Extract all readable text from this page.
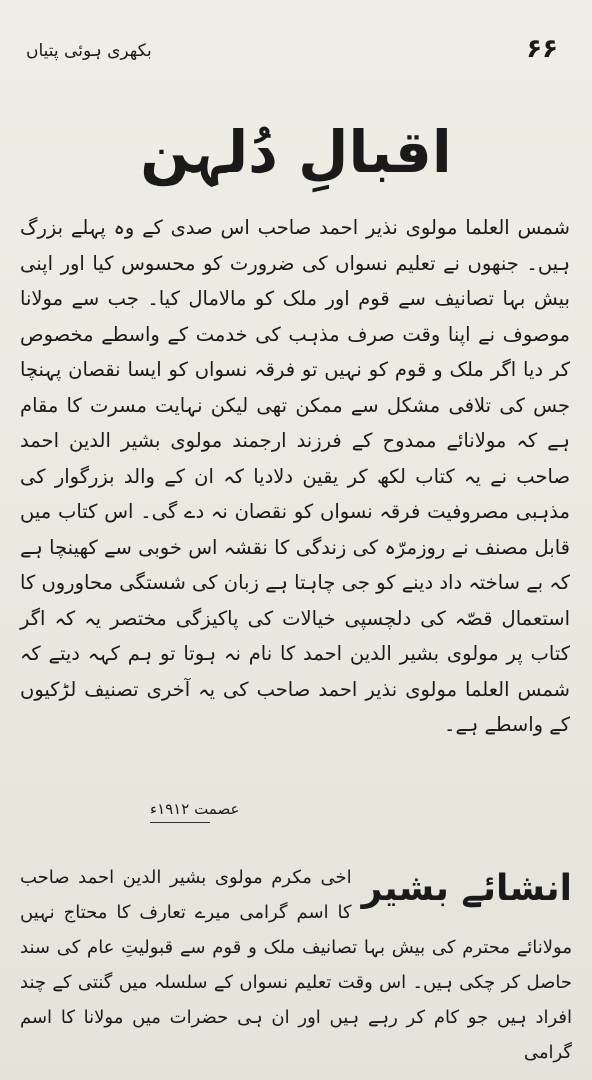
بکھری ہوئی پتیاں	۶۶
اقبالِ دُلہن

شمس العلما مولوی نذیر احمد صاحب اس صدی کے وہ پہلے بزرگ ہیں۔ جنھوں نے تعلیم نسواں کی ضرورت کو محسوس کیا اور اپنی بیش بہا تصانیف سے قوم اور ملک کو مالامال کیا۔ جب سے مولانا موصوف نے اپنا وقت صرف مذہب کی خدمت کے واسطے مخصوص کر دیا اگر ملک و قوم کو نہیں تو فرقہ نسواں کو ایسا نقصان پہنچا جس کی تلافی مشکل سے ممکن تھی لیکن نہایت مسرت کا مقام ہے کہ مولانائے ممدوح کے فرزند ارجمند مولوی بشیر الدین احمد صاحب نے یہ کتاب لکھ کر یقین دلادیا کہ ان کے والد بزرگوار کی مذہبی مصروفیت فرقہ نسواں کو نقصان نہ دے گی۔ اس کتاب میں قابل مصنف نے روزمرّہ کی زندگی کا نقشہ اس خوبی سے کھینچا ہے کہ بے ساختہ داد دینے کو جی چاہتا ہے زبان کی شستگی محاوروں کا استعمال قصّہ کی دلچسپی خیالات کی پاکیزگی مختصر یہ کہ اگر کتاب پر مولوی بشیر الدین احمد کا نام نہ ہوتا تو ہم کہہ دیتے کہ شمس العلما مولوی نذیر احمد صاحب کی یہ آخری تصنیف لڑکیوں کے واسطے ہے۔

عصمت ۱۹۱۲ء
انشائے بشیر

اخی مکرم مولوی بشیر الدین احمد صاحب کا اسم گرامی میرے تعارف کا محتاج نہیں مولانائے محترم کی بیش بہا تصانیف ملک و قوم سے قبولیتِ عام کی سند حاصل کر چکی ہیں۔ اس وقت تعلیم نسواں کے سلسلہ میں گنتی کے چند افراد ہیں جو کام کر رہے ہیں اور ان ہی حضرات میں مولانا کا اسم گرامی
